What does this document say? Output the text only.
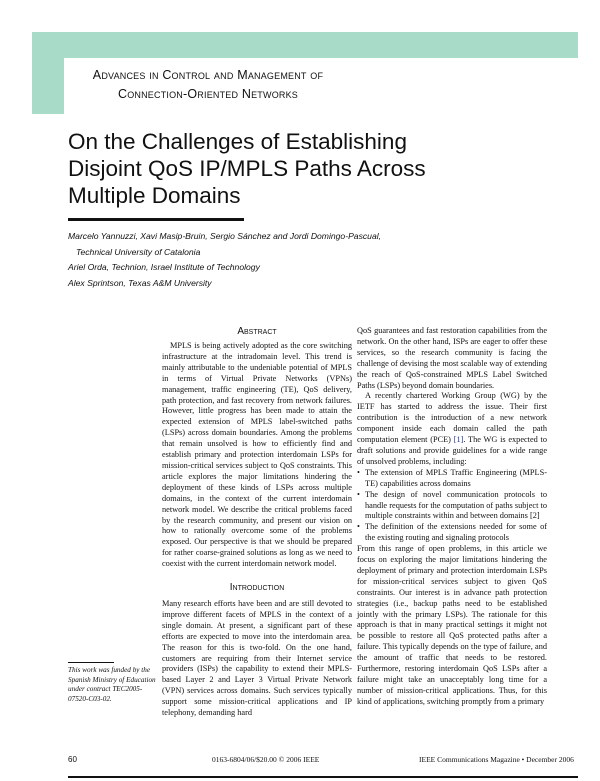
Advances in Control and Management of
Connection-Oriented Networks
On the Challenges of Establishing
Disjoint QoS IP/MPLS Paths Across
Multiple Domains
Marcelo Yannuzzi, Xavi Masip-Bruin, Sergio Sánchez and Jordi Domingo-Pascual,
Technical University of Catalonia
Ariel Orda, Technion, Israel Institute of Technology
Alex Sprintson, Texas A&M University
Abstract

MPLS is being actively adopted as the core switching infrastructure at the intradomain level. This trend is mainly attributable to the undeniable potential of MPLS in terms of Virtual Private Networks (VPNs) management, traffic engineering (TE), QoS delivery, path protection, and fast recovery from network failures. However, little progress has been made to attain the expected extension of MPLS label-switched paths (LSPs) across domain boundaries. Among the problems that remain unsolved is how to efficiently find and establish primary and protection interdomain LSPs for mission-critical services subject to QoS constraints. This article explores the major limitations hindering the deployment of these kinds of LSPs across multiple domains, in the context of the current interdomain network model. We describe the critical problems faced by the research community, and present our vision on how to rationally overcome some of the problems exposed. Our perspective is that we should be prepared for rather coarse-grained solutions as long as we need to coexist with the current interdomain network model.

Introduction

Many research efforts have been and are still devoted to improve different facets of MPLS in the context of a single domain. At present, a significant part of these efforts are expected to move into the interdomain area. The reason for this is two-fold. On the one hand, customers are requiring from their Internet service providers (ISPs) the capability to extend their MPLS-based Layer 2 and Layer 3 Virtual Private Network (VPN) services across domains. Such services typically support some mission-critical applications and IP telephony, demanding hard

QoS guarantees and fast restoration capabilities from the network. On the other hand, ISPs are eager to offer these services, so the research community is facing the challenge of devising the most scalable way of extending the reach of QoS-constrained MPLS Label Switched Paths (LSPs) beyond domain boundaries.

A recently chartered Working Group (WG) by the IETF has started to address the issue. Their first contribution is the introduction of a new network component inside each domain called the path computation element (PCE) [1]. The WG is expected to draft solutions and provide guidelines for a wide range of unsolved problems, including:

• The extension of MPLS Traffic Engineering (MPLS-TE) capabilities across domains
• The design of novel communication protocols to handle requests for the computation of paths subject to multiple constraints within and between domains [2]
• The definition of the extensions needed for some of the existing routing and signaling protocols

From this range of open problems, in this article we focus on exploring the major limitations hindering the deployment of primary and protection interdomain LSPs for mission-critical services subject to given QoS constraints. Our interest is in advance path protection strategies (i.e., backup paths need to be established jointly with the primary LSPs). The rationale for this approach is that in many practical settings it might not be possible to restore all QoS protected paths after a failure. This typically depends on the type of failure, and the amount of traffic that needs to be restored. Furthermore, restoring interdomain QoS LSPs after a failure might take an unacceptably long time for a number of mission-critical applications. Thus, for this kind of applications, switching promptly from a primary

This work was funded by the Spanish Ministry of Education under contract TEC2005-07520-C03-02.
60	0163-6804/06/$20.00 © 2006 IEEE	IEEE Communications Magazine • December 2006
